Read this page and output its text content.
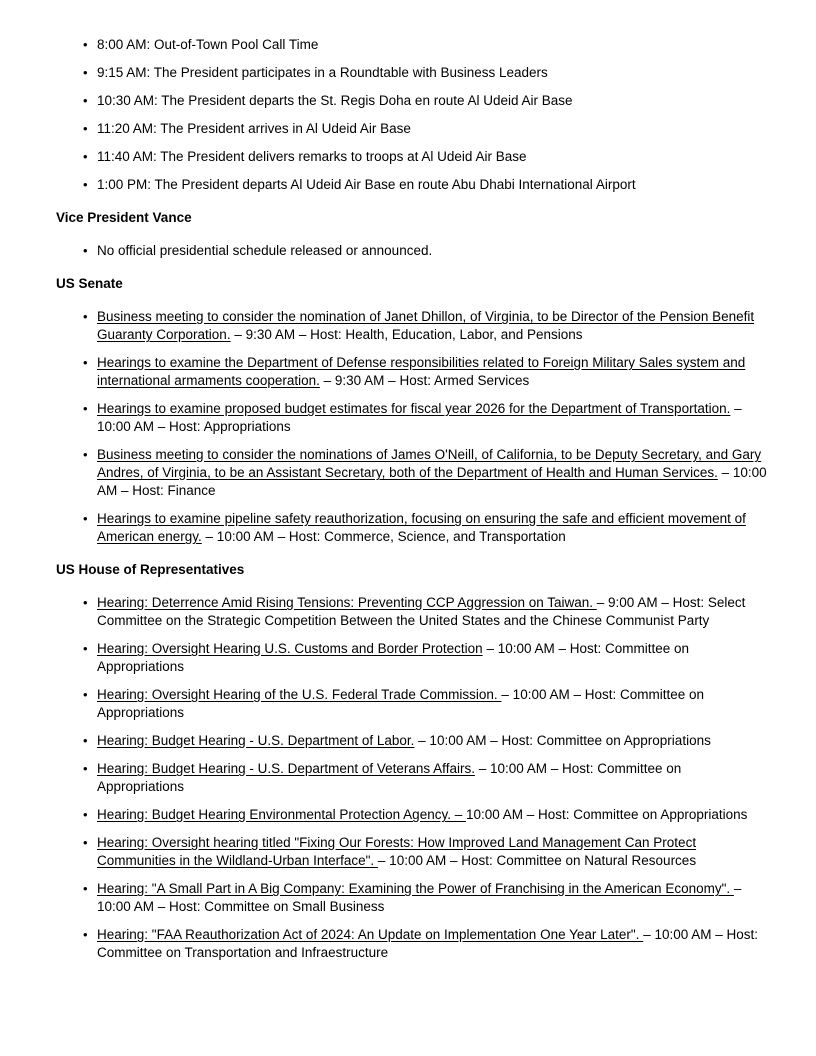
• 8:00 AM: Out-of-Town Pool Call Time
• 9:15 AM: The President participates in a Roundtable with Business Leaders
• 10:30 AM: The President departs the St. Regis Doha en route Al Udeid Air Base
• 11:20 AM: The President arrives in Al Udeid Air Base
• 11:40 AM: The President delivers remarks to troops at Al Udeid Air Base
• 1:00 PM: The President departs Al Udeid Air Base en route Abu Dhabi International Airport
Vice President Vance
• No official presidential schedule released or announced.
US Senate
• Business meeting to consider the nomination of Janet Dhillon, of Virginia, to be Director of the Pension Benefit Guaranty Corporation. – 9:30 AM – Host: Health, Education, Labor, and Pensions
• Hearings to examine the Department of Defense responsibilities related to Foreign Military Sales system and international armaments cooperation. – 9:30 AM – Host: Armed Services
• Hearings to examine proposed budget estimates for fiscal year 2026 for the Department of Transportation. – 10:00 AM – Host: Appropriations
• Business meeting to consider the nominations of James O'Neill, of California, to be Deputy Secretary, and Gary Andres, of Virginia, to be an Assistant Secretary, both of the Department of Health and Human Services. – 10:00 AM – Host: Finance
• Hearings to examine pipeline safety reauthorization, focusing on ensuring the safe and efficient movement of American energy. – 10:00 AM – Host: Commerce, Science, and Transportation
US House of Representatives
• Hearing: Deterrence Amid Rising Tensions: Preventing CCP Aggression on Taiwan. – 9:00 AM – Host: Select Committee on the Strategic Competition Between the United States and the Chinese Communist Party
• Hearing: Oversight Hearing U.S. Customs and Border Protection – 10:00 AM – Host: Committee on Appropriations
• Hearing: Oversight Hearing of the U.S. Federal Trade Commission. – 10:00 AM – Host: Committee on Appropriations
• Hearing: Budget Hearing - U.S. Department of Labor. – 10:00 AM – Host: Committee on Appropriations
• Hearing: Budget Hearing - U.S. Department of Veterans Affairs. – 10:00 AM – Host: Committee on Appropriations
• Hearing: Budget Hearing Environmental Protection Agency. – 10:00 AM – Host: Committee on Appropriations
• Hearing: Oversight hearing titled "Fixing Our Forests: How Improved Land Management Can Protect Communities in the Wildland-Urban Interface". – 10:00 AM – Host: Committee on Natural Resources
• Hearing: "A Small Part in A Big Company: Examining the Power of Franchising in the American Economy". – 10:00 AM – Host: Committee on Small Business
• Hearing: "FAA Reauthorization Act of 2024: An Update on Implementation One Year Later". – 10:00 AM – Host: Committee on Transportation and Infraestructure
